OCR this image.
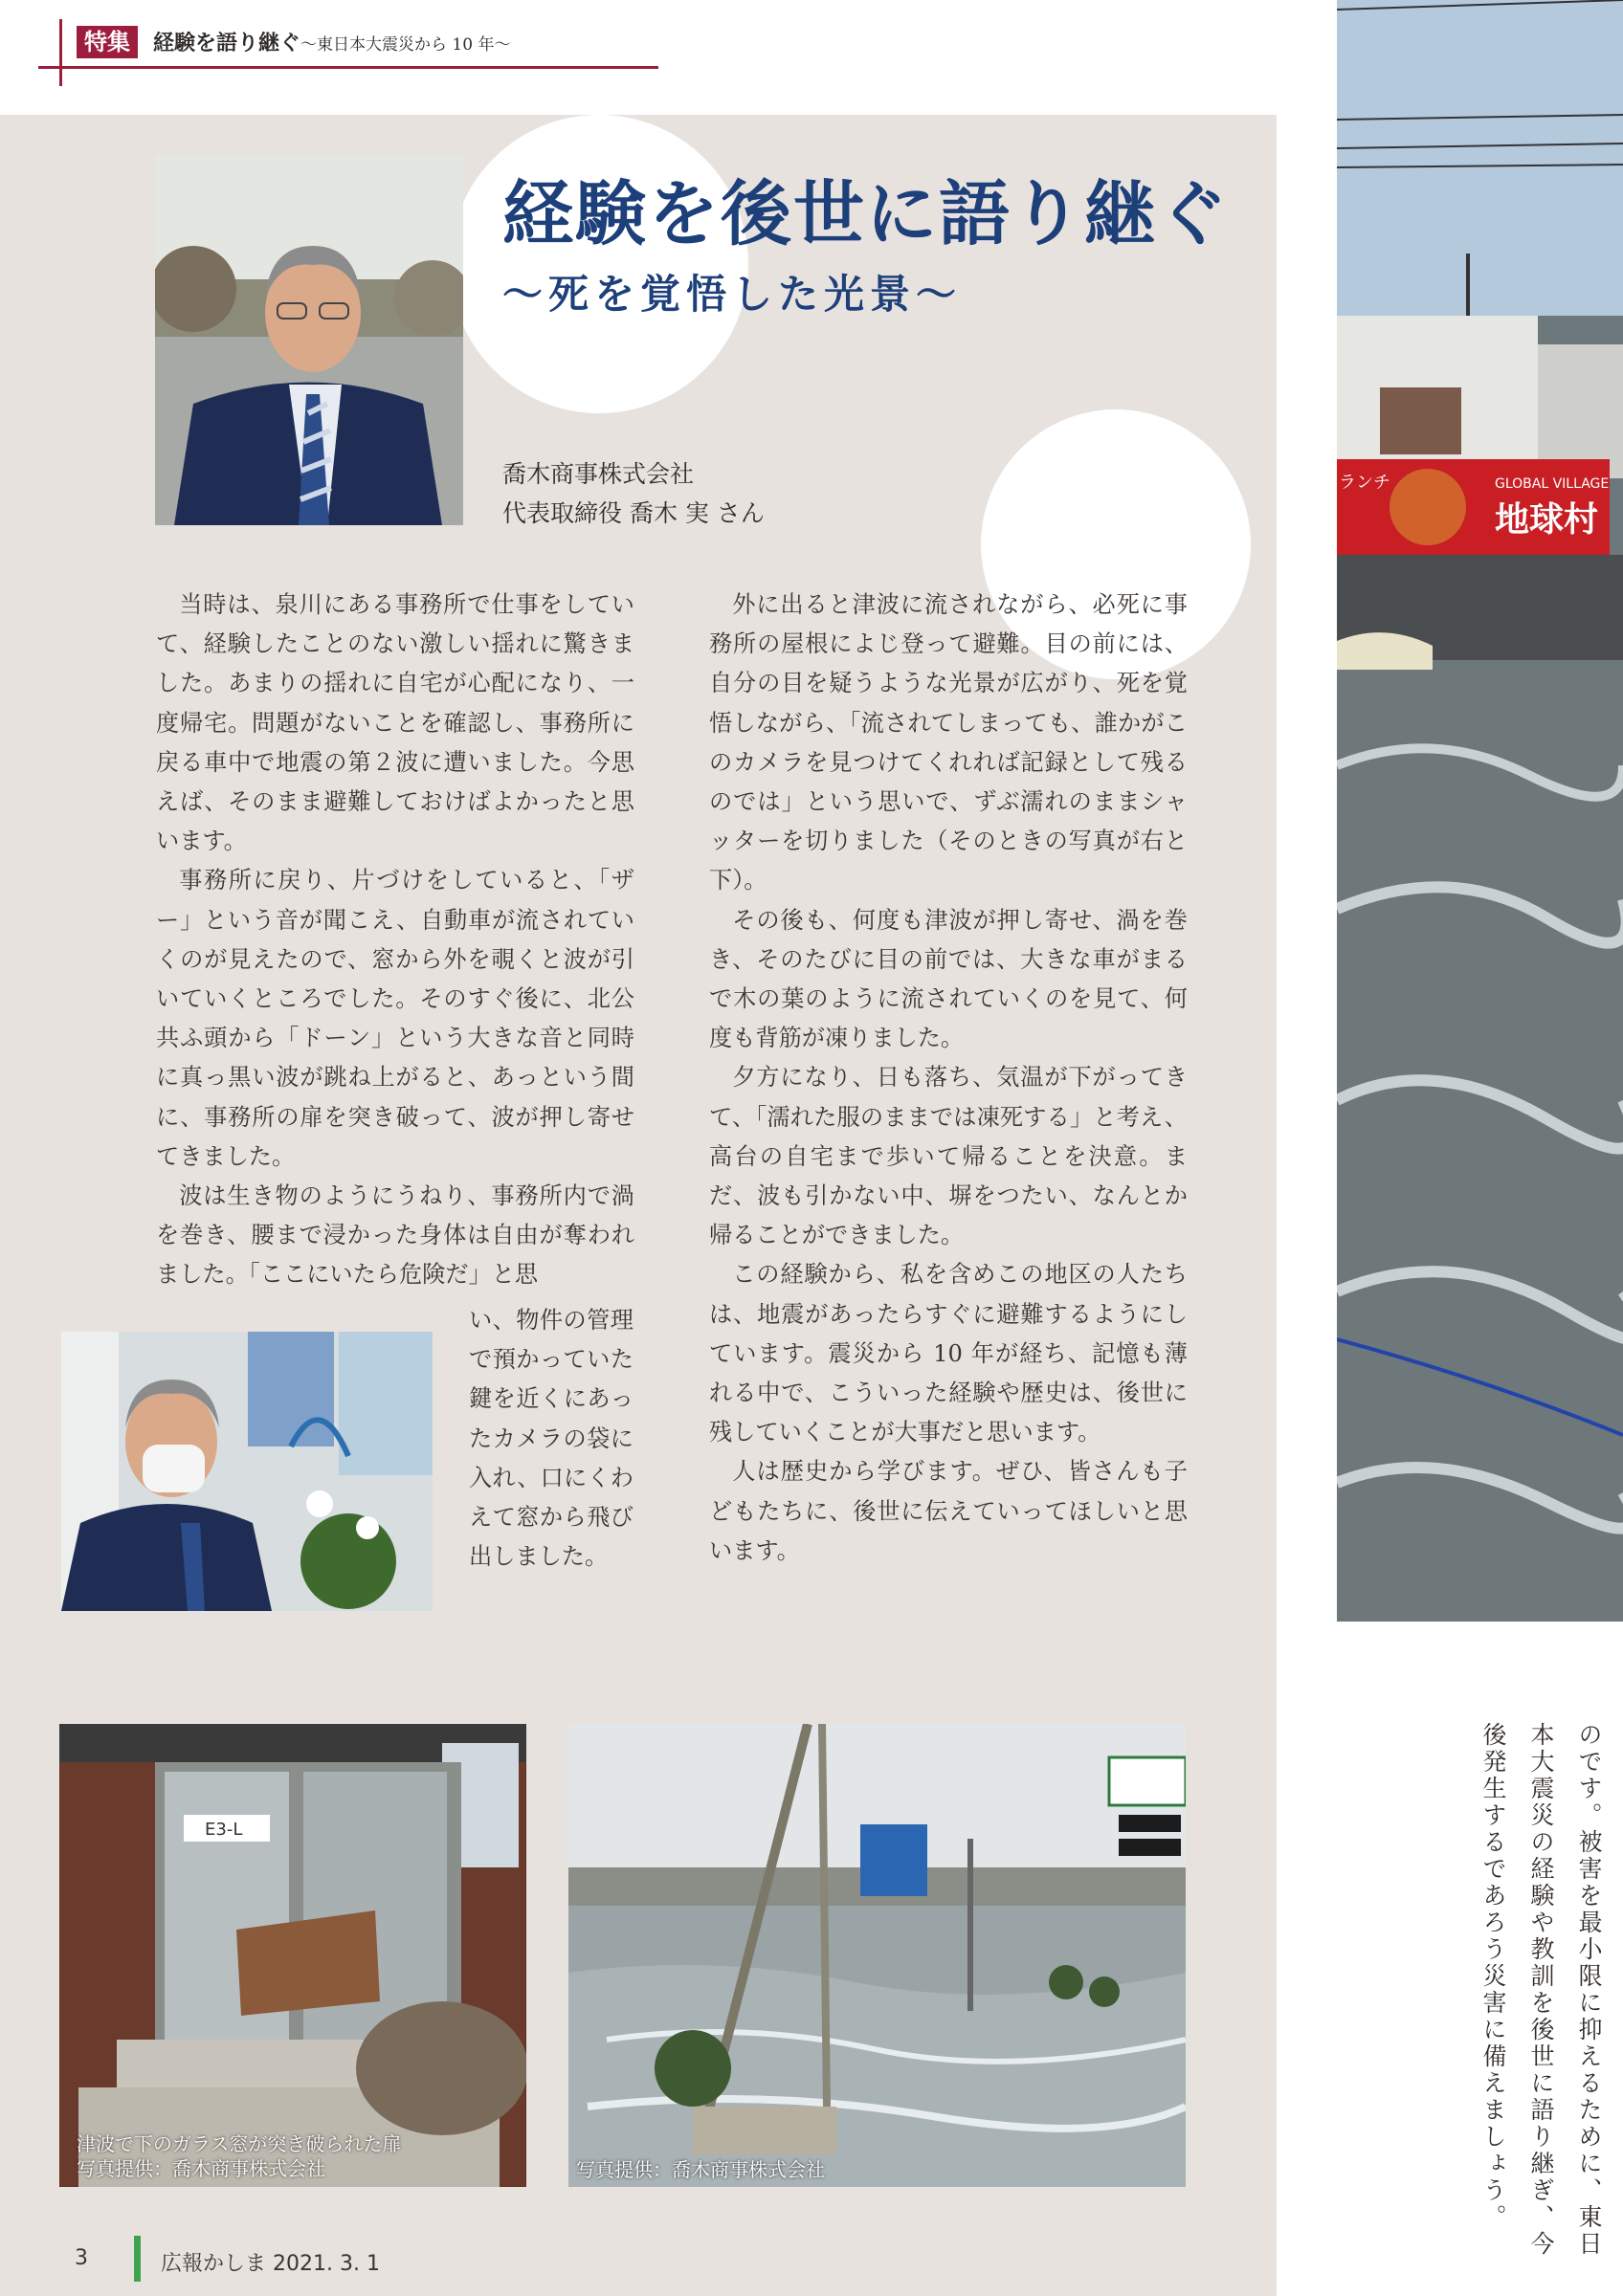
特集	経験を語り継ぐ〜東日本大震災から 10 年〜
経験を後世に語り継ぐ
〜死を覚悟した光景〜
喬木商事株式会社
代表取締役 喬木 実 さん

当時は、泉川にある事務所で仕事をしていて、経験したことのない激しい揺れに驚きました。あまりの揺れに自宅が心配になり、一度帰宅。問題がないことを確認し、事務所に戻る車中で地震の第２波に遭いました。今思えば、そのまま避難しておけばよかったと思います。

事務所に戻り、片づけをしていると、「ザー」という音が聞こえ、自動車が流されていくのが見えたので、窓から外を覗くと波が引いていくところでした。そのすぐ後に、北公共ふ頭から「ドーン」という大きな音と同時に真っ黒い波が跳ね上がると、あっという間に、事務所の扉を突き破って、波が押し寄せてきました。

波は生き物のようにうねり、事務所内で渦を巻き、腰まで浸かった身体は自由が奪われました。「ここにいたら危険だ」と思

い、物件の管理で預かっていた鍵を近くにあったカメラの袋に入れ、口にくわえて窓から飛び出しました。

外に出ると津波に流されながら、必死に事務所の屋根によじ登って避難。目の前には、自分の目を疑うような光景が広がり、死を覚悟しながら、「流されてしまっても、誰かがこのカメラを見つけてくれれば記録として残るのでは」という思いで、ずぶ濡れのままシャッターを切りました（そのときの写真が右と下）。

その後も、何度も津波が押し寄せ、渦を巻き、そのたびに目の前では、大きな車がまるで木の葉のように流されていくのを見て、何度も背筋が凍りました。

夕方になり、日も落ち、気温が下がってきて、「濡れた服のままでは凍死する」と考え、高台の自宅まで歩いて帰ることを決意。まだ、波も引かない中、塀をつたい、なんとか帰ることができました。

この経験から、私を含めこの地区の人たちは、地震があったらすぐに避難するようにしています。震災から 10 年が経ち、記憶も薄れる中で、こういった経験や歴史は、後世に残していくことが大事だと思います。

人は歴史から学びます。ぜひ、皆さんも子どもたちに、後世に伝えていってほしいと思います。

E3-L
津波で下のガラス窓が突き破られた扉
写真提供：喬木商事株式会社	写真提供：喬木商事株式会社
GLOBAL VILLAGE
地球村
ランチ
のです。被害を最小限に抑えるために、東日本大震災の経験や教訓を後世に語り継ぎ、今後発生するであろう災害に備えましょう。
3	広報かしま 2021. 3. 1
